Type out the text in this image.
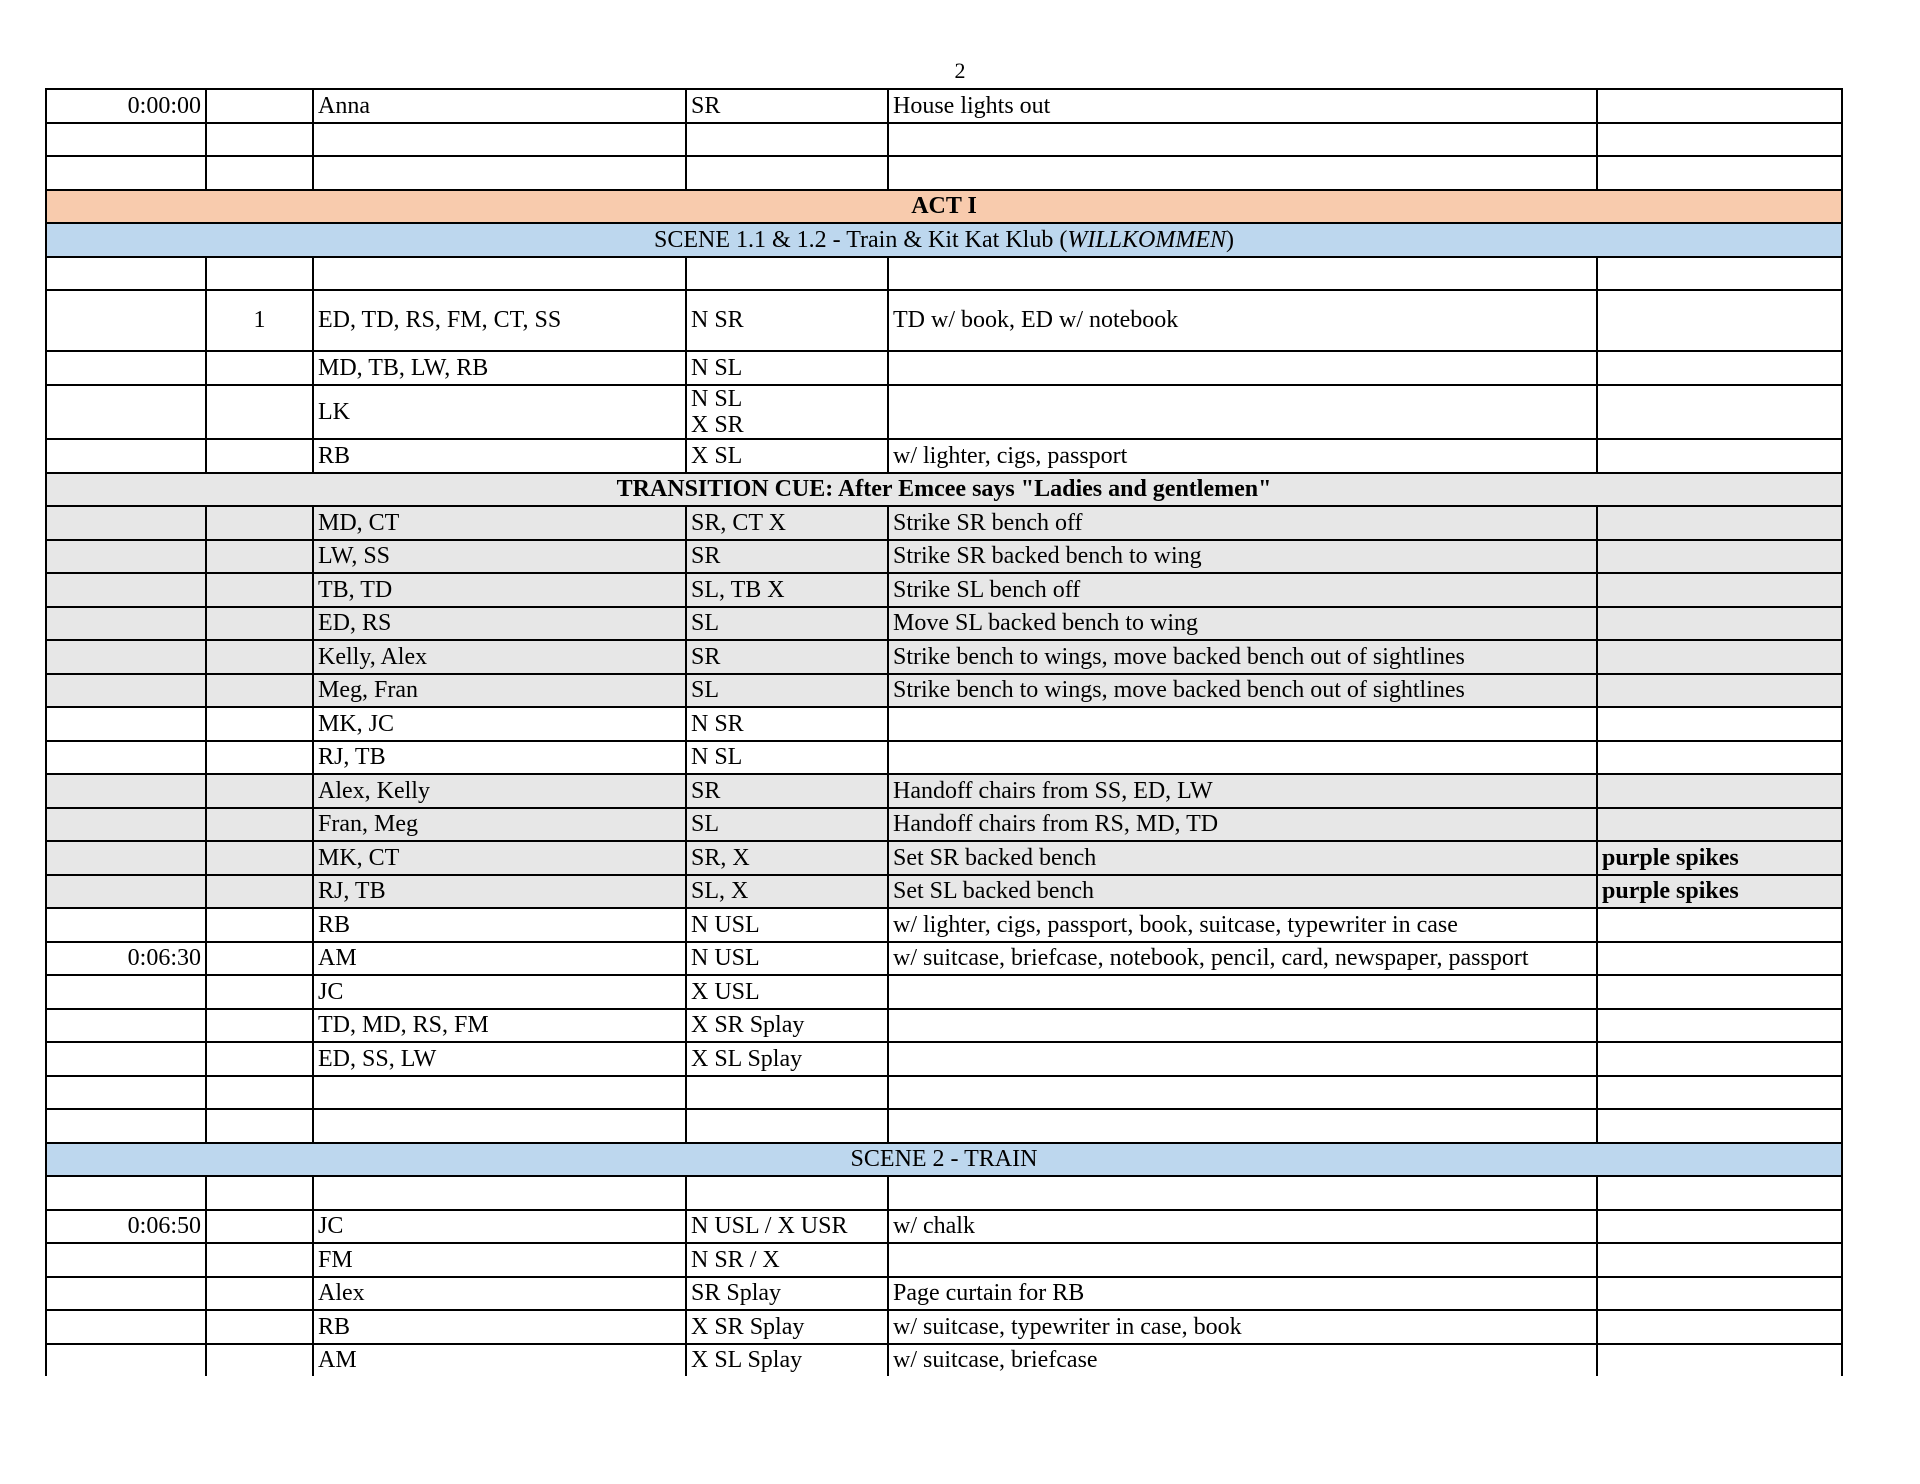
2
0:00:00		Anna	SR	House lights out	

ACT I					
SCENE 1.1 & 1.2 - Train & Kit Kat Klub (WILLKOMMEN)					

	1	ED, TD, RS, FM, CT, SS	N SR	TD w/ book, ED w/ notebook	
		MD, TB, LW, RB	N SL		
		LK	N SL
X SR		

		RB	X SL	w/ lighter, cigs, passport	
TRANSITION CUE: After Emcee says "Ladies and gentlemen"					
		MD, CT	SR, CT X	Strike SR bench off	
		LW, SS	SR	Strike SR backed bench to wing	
		TB, TD	SL, TB X	Strike SL bench off	
		ED, RS	SL	Move SL backed bench to wing	
		Kelly, Alex	SR	Strike bench to wings, move backed bench out of sightlines	
		Meg, Fran	SL	Strike bench to wings, move backed bench out of sightlines	
		MK, JC	N SR		
		RJ, TB	N SL		
		Alex, Kelly	SR	Handoff chairs from SS, ED, LW	
		Fran, Meg	SL	Handoff chairs from RS, MD, TD	
		MK, CT	SR, X	Set SR backed bench	purple spikes
		RJ, TB	SL, X	Set SL backed bench	purple spikes
		RB	N USL	w/ lighter, cigs, passport, book, suitcase, typewriter in case	
0:06:30		AM	N USL	w/ suitcase, briefcase, notebook, pencil, card, newspaper, passport	
		JC	X USL		
		TD, MD, RS, FM	X SR Splay		
		ED, SS, LW	X SL Splay		

SCENE 2 - TRAIN					

0:06:50		JC	N USL / X USR	w/ chalk	
		FM	N SR / X		
		Alex	SR Splay	Page curtain for RB	
		RB	X SR Splay	w/ suitcase, typewriter in case, book	
		AM	X SL Splay	w/ suitcase, briefcase	
